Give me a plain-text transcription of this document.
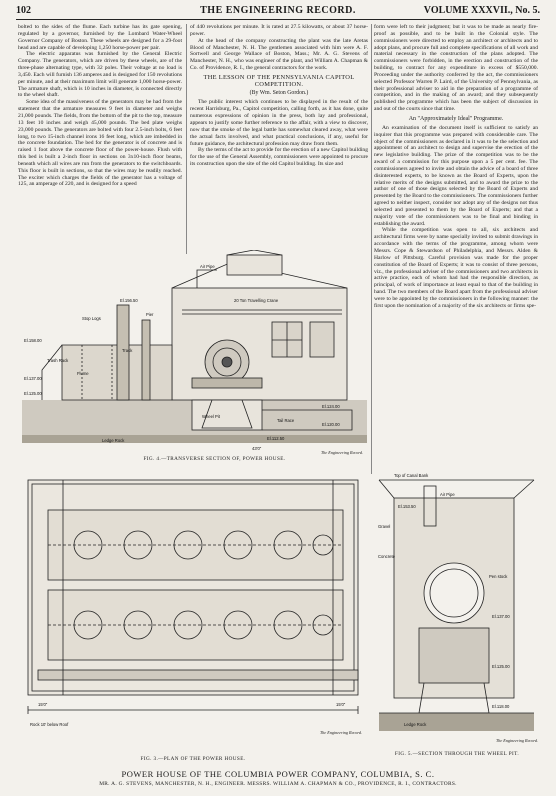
102	THE ENGINEERING RECORD.	VOLUME XXXVII., No. 5.

bolted to the sides of the flume. Each turbine has its gate opening, regulated by a governor, furnished by the Lombard Water-Wheel Governor Company of Boston. These wheels are designed for a 29-foot head and are capable of developing 1,250 horse-power per pair.

The electric apparatus was furnished by the General Electric Company. The generators, which are driven by these wheels, are of the three-phase alternating type, with 32 poles. Their voltage at no load is 3,450. Each will furnish 136 amperes and is designed for 150 revolutions per minute, and at their maximum limit will generate 1,000 horse-power. The armature shaft, which is 10 inches in diameter, is connected directly to the wheel shaft.

Some idea of the massiveness of the generators may be had from the statement that the armature measures 9 feet in diameter and weighs 21,000 pounds. The fields, from the bottom of the pit to the top, measure 13 feet 10 inches and weigh 45,000 pounds. The bed plate weighs 23,000 pounds. The generators are bolted with four 2.5-inch bolts, 6 feet long, to two 15-inch channel irons 16 feet long, which are imbedded in the concrete foundation. The bed for the generator is of concrete and is raised 1 foot above the concrete floor of the power-house. Flush with this bed is built a 2-inch floor in sections on 3x10-inch floor beams, beneath which all wires are run from the generators to the switchboards. This floor is built in sections, so that the wires may be readily reached. The exciter which charges the fields of the generator has a voltage of 125, an amperage of 220, and is designed for a speed

of 440 revolutions per minute. It is rated at 27.5 kilowatts, or about 37 horse-power.

At the head of the company constructing the plant was the late Aretas Blood of Manchester, N. H. The gentlemen associated with him were A. F. Sortwell and George Wallace of Boston, Mass.; Mr. A. G. Stevens of Manchester, N. H., who was engineer of the plant, and William A. Chapman & Co. of Providence, R. I., the general contractors for the work.

THE LESSON OF THE PENNSYLVANIA CAPITOL COMPETITION.
(By Wm. Seton Gordon.)

The public interest which continues to be displayed in the result of the recent Harrisburg, Pa., Capitol competition, calling forth, as it has done, quite numerous expressions of opinion in the press, both lay and professional, appears to justify some further reference to the affair, with a view to discover, now that the smoke of the legal battle has somewhat cleared away, what were the actual facts involved, and what practical conclusions, if any, useful for future guidance, the architectural profession may draw from them.

By the terms of the act to provide for the erection of a new Capitol building for the use of the General Assembly, commissioners were appointed to procure its construction upon the site of the old Capitol building. Its size and

form were left to their judgment; but it was to be made as nearly fire-proof as possible, and to be built in the Colonial style. The commissioners were directed to employ an architect or architects and to adopt plans, and procure full and complete specifications of all work and material necessary in the construction of the plans adopted. The commissioners were forbidden, in the erection and construction of the building, to contract for any expenditure in excess of $550,000. Proceeding under the authority conferred by the act, the commissioners selected Professor Warren P. Laird, of the University of Pennsylvania, as their professional adviser to aid in the preparation of a programme of competition, and in the making of an award; and they subsequently published the programme which has been the subject of discussion in and out of the courts since that time.

An "Approximately Ideal" Programme.

An examination of the document itself is sufficient to satisfy an inquirer that this programme was prepared with considerable care. The object of the commissioners as declared in it was to be the selection and appointment of an architect to design and supervise the erection of the new legislative building. The prize of the competition was to be the award of a commission for this purpose upon a 5 per cent. fee. The commissioners agreed to invite and obtain the advice of a board of three disinterested experts, to be known as the Board of Experts, upon the relative merits of the designs submitted, and to award the prize to the author of one of those designs selected by the Board of Experts and presented by the Board to the commissioners. The commissioners further agreed to neither inspect, consider nor adopt any of the designs not thus selected and presented to them by the Board of Experts; and that a majority vote of the commissioners was to be final and binding in establishing the award.

While the competition was open to all, six architects and architectural firms were by name specially invited to submit drawings in accordance with the terms of the programme, among whom were Messrs. Cope & Stewardson of Philadelphia, and Messrs. Alden & Harlow of Pittsburg. Careful provision was made for the proper constitution of the Board of Experts; it was to consist of three persons, viz., the professional adviser of the commissioners and two architects in active practice, each of whom had had the responsible direction, as principal, of work of importance at least equal to that of the building in hand. The two members of the Board apart from the professional adviser were to be appointed by the commissioners in the following manner: the first upon the nomination of a majority of the six architects or firms spe-

20 Ton Travelling Crane
Air Pipe
El.156.50
El.158.00
El.137.00
El.125.00
El.124.00
El.120.00
El.112.50
Tail Race
Ledge Rock
Wheel Pit
Flume
Pier
Stop Logs
Track
Trash Rack
43'0"
The Engineering Record.
FIG. 4.—TRANSVERSE SECTION OF, POWER HOUSE.
Rock 10' below Roof
15'0"	15'0"
The Engineering Record.
FIG. 3.—PLAN OF THE POWER HOUSE.
Top of Canal Bank
Air Pipe
Gravel
Concrete
Pen stock
El.153.50
El.137.00
El.125.00
El.118.00
Ledge Rock
The Engineering Record.
FIG. 5.—SECTION THROUGH THE WHEEL PIT.
POWER HOUSE OF THE COLUMBIA POWER COMPANY, COLUMBIA, S. C.
MR. A. G. STEVENS, MANCHESTER, N. H., ENGINEER. MESSRS. WILLIAM A. CHAPMAN & CO., PROVIDENCE, R. I., CONTRACTORS.
